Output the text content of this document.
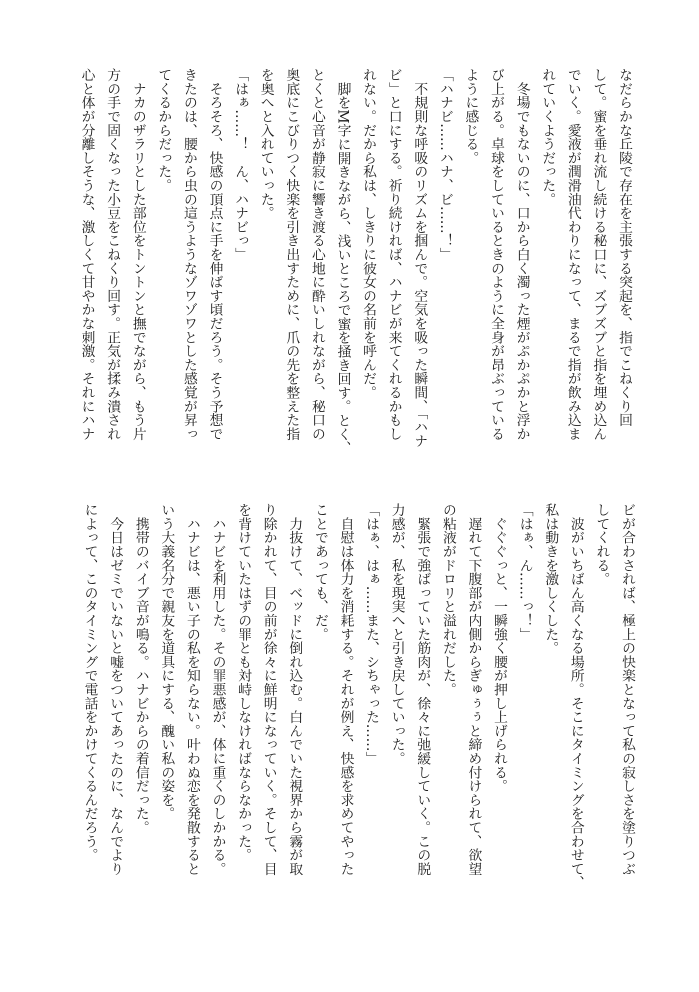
なだらかな丘陵で存在を主張する突起を、指でこねくり回
して。蜜を垂れ流し続ける秘口に、ズブズブと指を埋め込ん
でいく。愛液が潤滑油代わりになって、まるで指が飲み込ま
れていくようだった。
　冬場でもないのに、口から白く濁った煙がぷかぷかと浮か
び上がる。卓球をしているときのように全身が昂ぶっている
ように感じる。
「ハナビ……ハナ、ビ……！」
　不規則な呼吸のリズムを掴んで。空気を吸った瞬間、「ハナ
ビ」と口にする。祈り続ければ、ハナビが来てくれるかもし
れない。だから私は、しきりに彼女の名前を呼んだ。
　脚をM字に開きながら、浅いところで蜜を掻き回す。とく、
とくと心音が静寂に響き渡る心地に酔いしれながら、秘口の
奥底にこびりつく快楽を引き出すために、爪の先を整えた指
を奥へと入れていった。
「はぁ……！　ん、ハナビっ」
　そろそろ、快感の頂点に手を伸ばす頃だろう。そう予想で
きたのは、腰から虫の這うようなゾワゾワとした感覚が昇っ
てくるからだった。
　ナカのザラリとした部位をトントンと撫でながら、もう片
方の手で固くなった小豆をこねくり回す。正気が揉み潰され
心と体が分離しそうな、激しくて甘やかな刺激。それにハナ
ビが合わされば、極上の快楽となって私の寂しさを塗りつぶ
してくれる。
　波がいちばん高くなる場所。そこにタイミングを合わせて、
私は動きを激しくした。
「はぁ、ん……っ！」
　ぐぐぐっと、一瞬強く腰が押し上げられる。
　遅れて下腹部が内側からぎゅぅぅと締め付けられて、欲望
の粘液がドロリと溢れだした。
　緊張で強ばっていた筋肉が、徐々に弛緩していく。この脱
力感が、私を現実へと引き戻していった。
「はぁ、はぁ……また、シちゃった……」
　自慰は体力を消耗する。それが例え、快感を求めてやった
ことであっても、だ。
　力抜けて、ベッドに倒れ込む。白んでいた視界から霧が取
り除かれて、目の前が徐々に鮮明になっていく。そして、目
を背けていたはずの罪とも対峙しなければならなかった。
　ハナビを利用した。その罪悪感が、体に重くのしかかる。
　ハナビは、悪い子の私を知らない。叶わぬ恋を発散すると
いう大義名分で親友を道具にする、醜い私の姿を。
　携帯のバイブ音が鳴る。ハナビからの着信だった。
　今日はゼミでいないと嘘をついてあったのに、なんでより
によって、このタイミングで電話をかけてくるんだろう。
